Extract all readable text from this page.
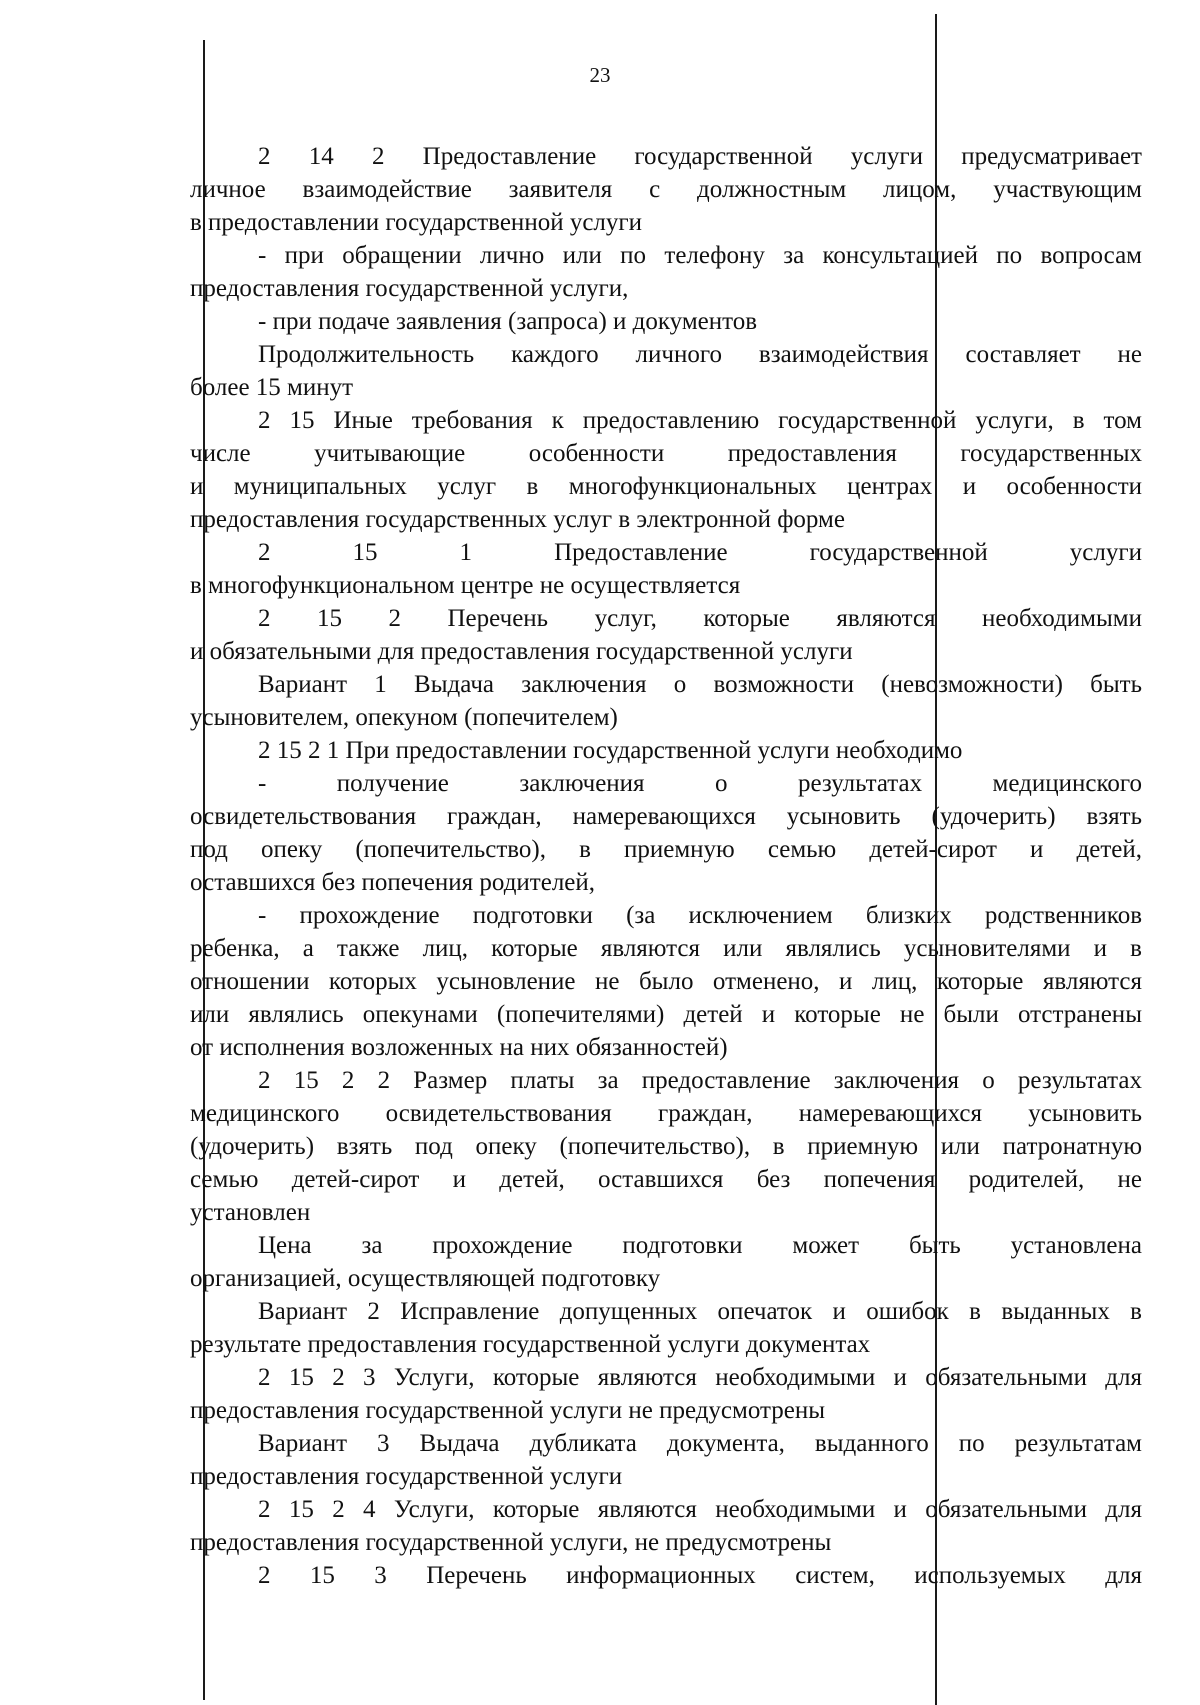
23
2 14 2 Предоставление государственной услуги предусматривает
личное взаимодействие заявителя с должностным лицом, участвующим
в предоставлении государственной услуги
- при обращении лично или по телефону за консультацией по вопросам
предоставления государственной услуги,
- при подаче заявления (запроса) и документов
Продолжительность каждого личного взаимодействия составляет не
более 15 минут
2 15 Иные требования к предоставлению государственной услуги, в том
числе учитывающие особенности предоставления государственных
и муниципальных услуг в многофункциональных центрах и особенности
предоставления государственных услуг в электронной форме
2 15 1 Предоставление государственной услуги
в многофункциональном центре не осуществляется
2 15 2 Перечень услуг, которые являются необходимыми
и обязательными для предоставления государственной услуги
Вариант 1 Выдача заключения о возможности (невозможности) быть
усыновителем, опекуном (попечителем)
2 15 2 1 При предоставлении государственной услуги необходимо
- получение заключения о результатах медицинского
освидетельствования граждан, намеревающихся усыновить (удочерить) взять
под опеку (попечительство), в приемную семью детей-сирот и детей,
оставшихся без попечения родителей,
- прохождение подготовки (за исключением близких родственников
ребенка, а также лиц, которые являются или являлись усыновителями и в
отношении которых усыновление не было отменено, и лиц, которые являются
или являлись опекунами (попечителями) детей и которые не были отстранены
от исполнения возложенных на них обязанностей)
2 15 2 2 Размер платы за предоставление заключения о результатах
медицинского освидетельствования граждан, намеревающихся усыновить
(удочерить) взять под опеку (попечительство), в приемную или патронатную
семью детей-сирот и детей, оставшихся без попечения родителей, не
установлен
Цена за прохождение подготовки может быть установлена
организацией, осуществляющей подготовку
Вариант 2 Исправление допущенных опечаток и ошибок в выданных в
результате предоставления государственной услуги документах
2 15 2 3 Услуги, которые являются необходимыми и обязательными для
предоставления государственной услуги не предусмотрены
Вариант 3 Выдача дубликата документа, выданного по результатам
предоставления государственной услуги
2 15 2 4 Услуги, которые являются необходимыми и обязательными для
предоставления государственной услуги, не предусмотрены
2 15 3 Перечень информационных систем, используемых для
